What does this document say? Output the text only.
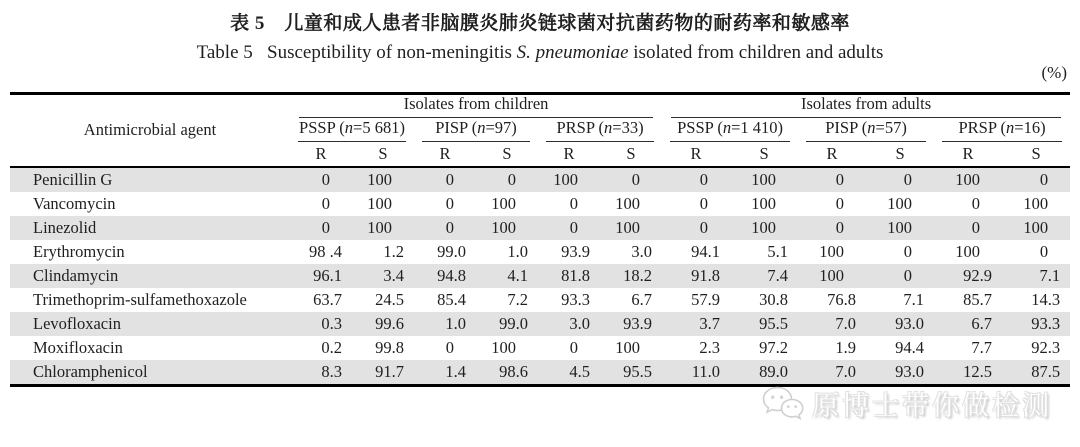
表 5　儿童和成人患者非脑膜炎肺炎链球菌对抗菌药物的耐药率和敏感率
Table 5   Susceptibility of non-meningitis S. pneumoniae isolated from children and adults
(%)
Antimicrobial agent	Isolates from children						Isolates from adults					

	PSSP (n=5 681)		PISP (n=97)		PRSP (n=33)		PSSP (n=1 410)		PISP (n=57)		PRSP (n=16)	

	R	S	R	S	R	S	R	S	R	S	R	S
Penicillin G	0	100	0	0	100	0	0	100	0	0	100	0
Vancomycin	0	100	0	100	0	100	0	100	0	100	0	100
Linezolid	0	100	0	100	0	100	0	100	0	100	0	100
Erythromycin	98 .4	1.2	99.0	1.0	93.9	3.0	94.1	5.1	100	0	100	0
Clindamycin	96.1	3.4	94.8	4.1	81.8	18.2	91.8	7.4	100	0	92.9	7.1
Trimethoprim-sulfamethoxazole	63.7	24.5	85.4	7.2	93.3	6.7	57.9	30.8	76.8	7.1	85.7	14.3
Levofloxacin	0.3	99.6	1.0	99.0	3.0	93.9	3.7	95.5	7.0	93.0	6.7	93.3
Moxifloxacin	0.2	99.8	0	100	0	100	2.3	97.2	1.9	94.4	7.7	92.3
Chloramphenicol	8.3	91.7	1.4	98.6	4.5	95.5	11.0	89.0	7.0	93.0	12.5	87.5
原博士带你做检测
